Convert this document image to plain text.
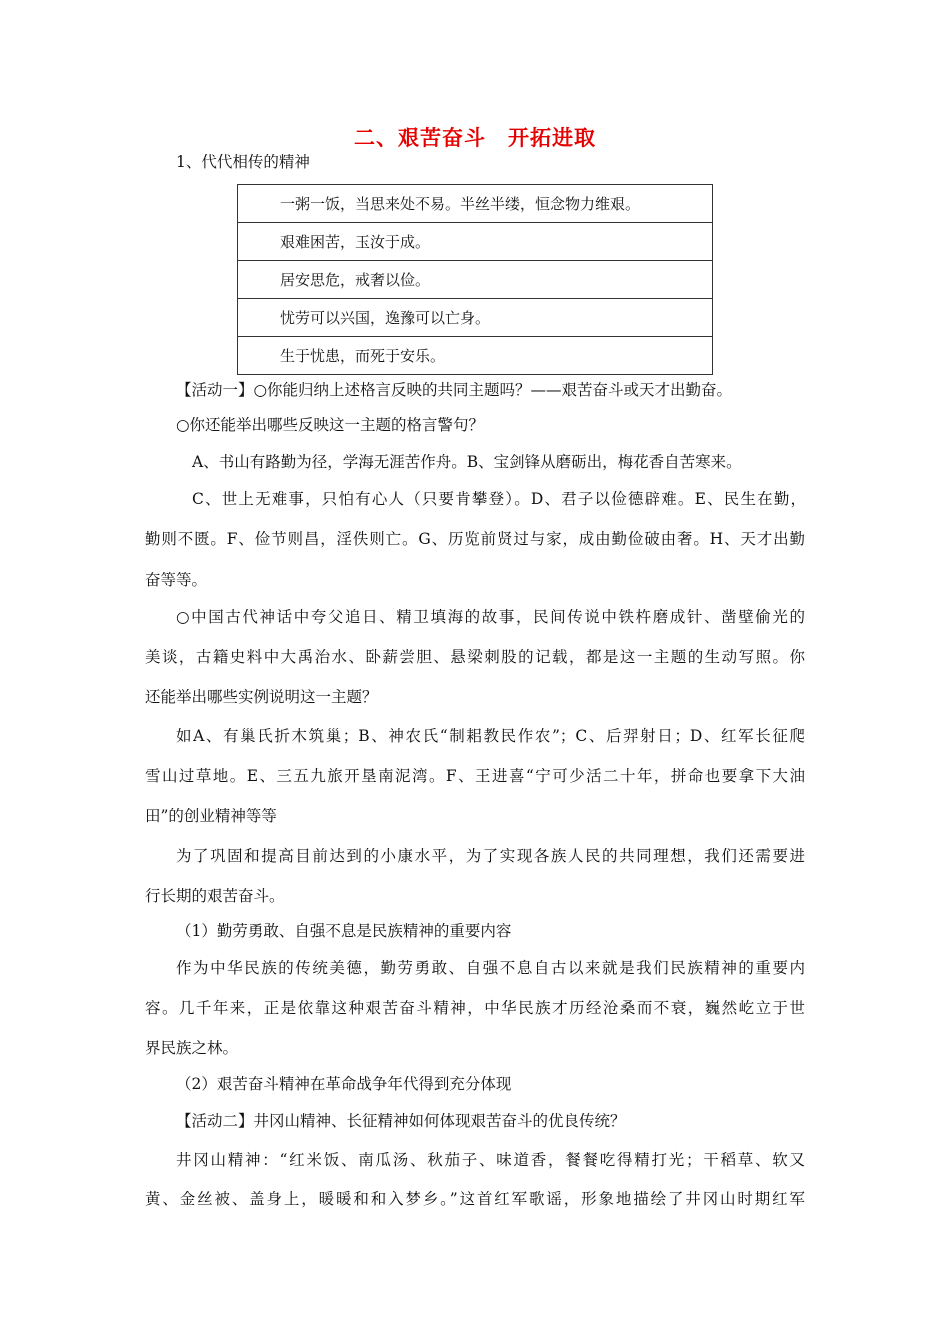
二、艰苦奋斗 开拓进取
1、代代相传的精神
一粥一饭，当思来处不易。半丝半缕，恒念物力维艰。
艰难困苦，玉汝于成。
居安思危，戒奢以俭。
忧劳可以兴国，逸豫可以亡身。
生于忧患，而死于安乐。
【活动一】○你能归纳上述格言反映的共同主题吗？——艰苦奋斗或天才出勤奋。
○你还能举出哪些反映这一主题的格言警句？
A、书山有路勤为径，学海无涯苦作舟。B、宝剑锋从磨砺出，梅花香自苦寒来。
C、世上无难事，只怕有心人（只要肯攀登）。D、君子以俭德辟难。E、民生在勤，
勤则不匮。F、俭节则昌，淫佚则亡。G、历览前贤过与家，成由勤俭破由奢。H、天才出勤
奋等等。
○中国古代神话中夸父追日、精卫填海的故事，民间传说中铁杵磨成针、凿壁偷光的
美谈，古籍史料中大禹治水、卧薪尝胆、悬梁刺股的记载，都是这一主题的生动写照。你
还能举出哪些实例说明这一主题？
如A、有巢氏折木筑巢；B、神农氏“制耜教民作农”；C、后羿射日；D、红军长征爬
雪山过草地。E、三五九旅开垦南泥湾。F、王进喜“宁可少活二十年，拼命也要拿下大油
田”的创业精神等等
为了巩固和提高目前达到的小康水平，为了实现各族人民的共同理想，我们还需要进
行长期的艰苦奋斗。
（1）勤劳勇敢、自强不息是民族精神的重要内容
作为中华民族的传统美德，勤劳勇敢、自强不息自古以来就是我们民族精神的重要内
容。几千年来，正是依靠这种艰苦奋斗精神，中华民族才历经沧桑而不衰，巍然屹立于世
界民族之林。
（2）艰苦奋斗精神在革命战争年代得到充分体现
【活动二】井冈山精神、长征精神如何体现艰苦奋斗的优良传统？
井冈山精神：“红米饭、南瓜汤、秋茄子、味道香，餐餐吃得精打光；干稻草、软又
黄、金丝被、盖身上，暖暖和和入梦乡。”这首红军歌谣，形象地描绘了井冈山时期红军
